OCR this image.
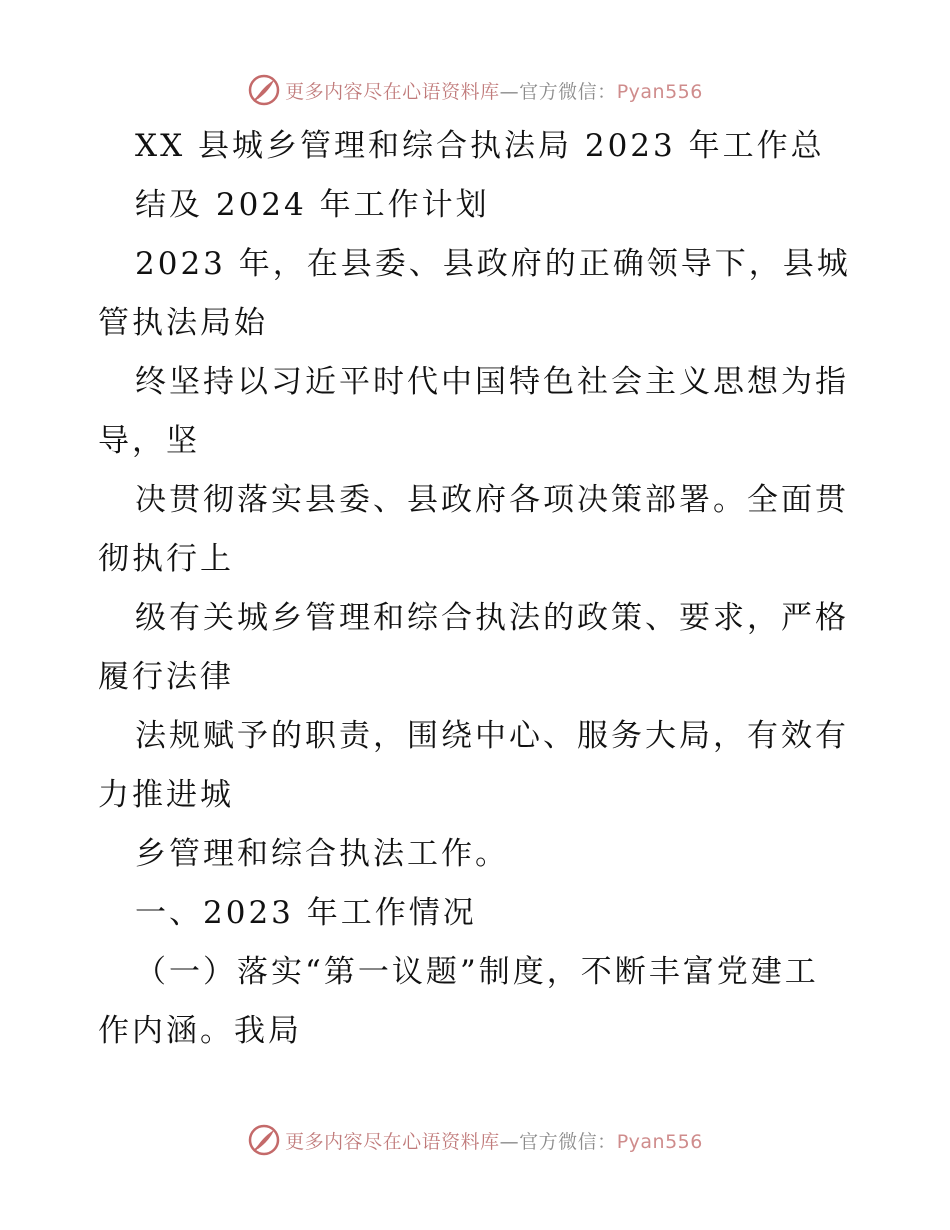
更多内容尽在心语资料库—官方微信：Pyan556
XX 县城乡管理和综合执法局 2023 年工作总
结及 2024 年工作计划
2023 年，在县委、县政府的正确领导下，县城
管执法局始
终坚持以习近平时代中国特色社会主义思想为指
导，坚
决贯彻落实县委、县政府各项决策部署。全面贯
彻执行上
级有关城乡管理和综合执法的政策、要求，严格
履行法律
法规赋予的职责，围绕中心、服务大局，有效有
力推进城
乡管理和综合执法工作。
一、2023 年工作情况
（一）落实“第一议题”制度，不断丰富党建工
作内涵。我局
更多内容尽在心语资料库—官方微信：Pyan556
